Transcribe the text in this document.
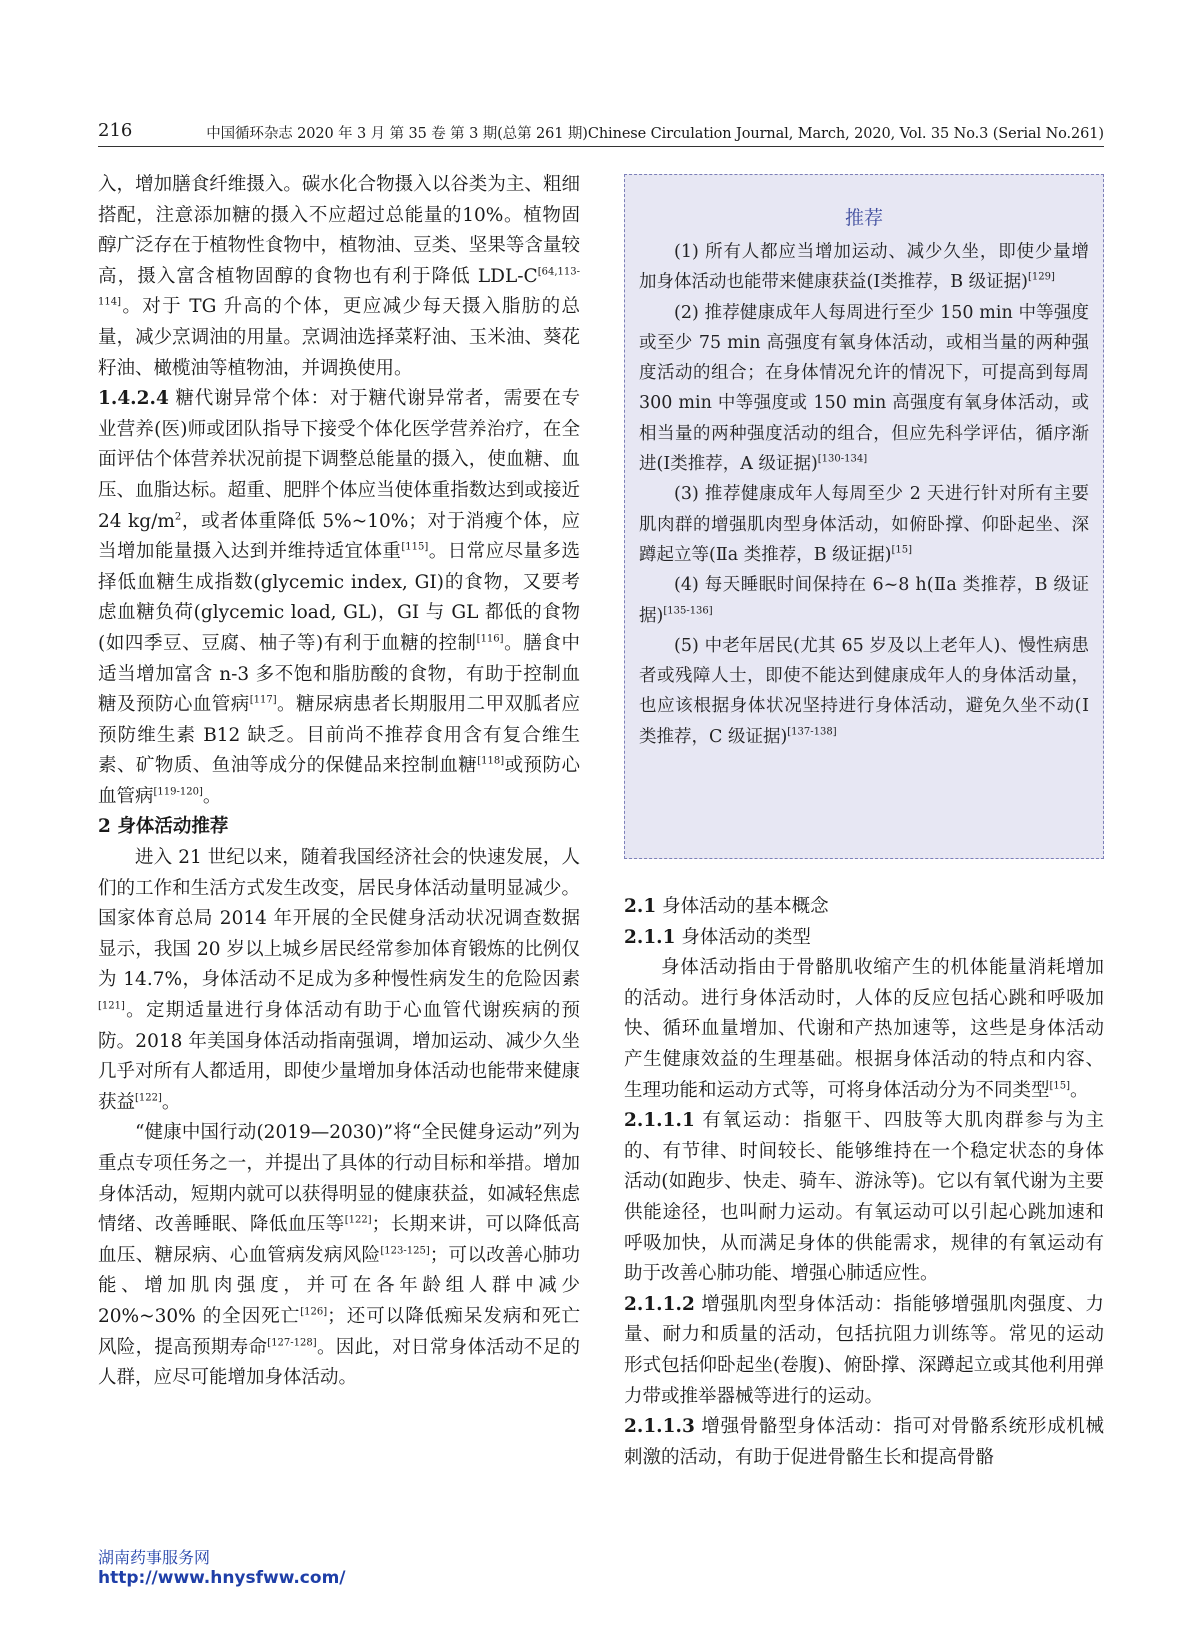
216	中国循环杂志 2020 年 3 月 第 35 卷 第 3 期(总第 261 期)Chinese Circulation Journal, March, 2020, Vol. 35 No.3 (Serial No.261)

入，增加膳食纤维摄入。碳水化合物摄入以谷类为主、粗细搭配，注意添加糖的摄入不应超过总能量的10%。植物固醇广泛存在于植物性食物中，植物油、豆类、坚果等含量较高，摄入富含植物固醇的食物也有利于降低 LDL-C[64,113-114]。对于 TG 升高的个体，更应减少每天摄入脂肪的总量，减少烹调油的用量。烹调油选择菜籽油、玉米油、葵花籽油、橄榄油等植物油，并调换使用。

1.4.2.4 糖代谢异常个体：对于糖代谢异常者，需要在专业营养(医)师或团队指导下接受个体化医学营养治疗，在全面评估个体营养状况前提下调整总能量的摄入，使血糖、血压、血脂达标。超重、肥胖个体应当使体重指数达到或接近 24 $kg/m^2$，或者体重降低 5%~10%；对于消瘦个体，应当增加能量摄入达到并维持适宜体重[115]。日常应尽量多选择低血糖生成指数(glycemic index, GI)的食物，又要考虑血糖负荷(glycemic load, GL)，GI 与 GL 都低的食物(如四季豆、豆腐、柚子等)有利于血糖的控制[116]。膳食中适当增加富含 n-3 多不饱和脂肪酸的食物，有助于控制血糖及预防心血管病[117]。糖尿病患者长期服用二甲双胍者应预防维生素 B12 缺乏。目前尚不推荐食用含有复合维生素、矿物质、鱼油等成分的保健品来控制血糖[118]或预防心血管病[119-120]。

2 身体活动推荐

进入 21 世纪以来，随着我国经济社会的快速发展，人们的工作和生活方式发生改变，居民身体活动量明显减少。国家体育总局 2014 年开展的全民健身活动状况调查数据显示，我国 20 岁以上城乡居民经常参加体育锻炼的比例仅为 14.7%，身体活动不足成为多种慢性病发生的危险因素[121]。定期适量进行身体活动有助于心血管代谢疾病的预防。2018 年美国身体活动指南强调，增加运动、减少久坐几乎对所有人都适用，即使少量增加身体活动也能带来健康获益[122]。

“健康中国行动(2019—2030)”将“全民健身运动”列为重点专项任务之一，并提出了具体的行动目标和举措。增加身体活动，短期内就可以获得明显的健康获益，如减轻焦虑情绪、改善睡眠、降低血压等[122]；长期来讲，可以降低高血压、糖尿病、心血管病发病风险[123-125]；可以改善心肺功能、增加肌肉强度，并可在各年龄组人群中减少 20%~30% 的全因死亡[126]；还可以降低痴呆发病和死亡风险，提高预期寿命[127-128]。因此，对日常身体活动不足的人群，应尽可能增加身体活动。

推荐

(1) 所有人都应当增加运动、减少久坐，即使少量增加身体活动也能带来健康获益(Ⅰ类推荐，B 级证据)[129]

(2) 推荐健康成年人每周进行至少 150 min 中等强度或至少 75 min 高强度有氧身体活动，或相当量的两种强度活动的组合；在身体情况允许的情况下，可提高到每周 300 min 中等强度或 150 min 高强度有氧身体活动，或相当量的两种强度活动的组合，但应先科学评估，循序渐进(Ⅰ类推荐，A 级证据)[130-134]

(3) 推荐健康成年人每周至少 2 天进行针对所有主要肌肉群的增强肌肉型身体活动，如俯卧撑、仰卧起坐、深蹲起立等(Ⅱa 类推荐，B 级证据)[15]

(4) 每天睡眠时间保持在 6~8 h(Ⅱa 类推荐，B 级证据)[135-136]

(5) 中老年居民(尤其 65 岁及以上老年人)、慢性病患者或残障人士，即使不能达到健康成年人的身体活动量，也应该根据身体状况坚持进行身体活动，避免久坐不动(Ⅰ类推荐，C 级证据)[137-138]

2.1 身体活动的基本概念

2.1.1 身体活动的类型

身体活动指由于骨骼肌收缩产生的机体能量消耗增加的活动。进行身体活动时，人体的反应包括心跳和呼吸加快、循环血量增加、代谢和产热加速等，这些是身体活动产生健康效益的生理基础。根据身体活动的特点和内容、生理功能和运动方式等，可将身体活动分为不同类型[15]。

2.1.1.1 有氧运动：指躯干、四肢等大肌肉群参与为主的、有节律、时间较长、能够维持在一个稳定状态的身体活动(如跑步、快走、骑车、游泳等)。它以有氧代谢为主要供能途径，也叫耐力运动。有氧运动可以引起心跳加速和呼吸加快，从而满足身体的供能需求，规律的有氧运动有助于改善心肺功能、增强心肺适应性。

2.1.1.2 增强肌肉型身体活动：指能够增强肌肉强度、力量、耐力和质量的活动，包括抗阻力训练等。常见的运动形式包括仰卧起坐(卷腹)、俯卧撑、深蹲起立或其他利用弹力带或推举器械等进行的运动。

2.1.1.3 增强骨骼型身体活动：指可对骨骼系统形成机械刺激的活动，有助于促进骨骼生长和提高骨骼

湖南药事服务网
http://www.hnysfww.com/
